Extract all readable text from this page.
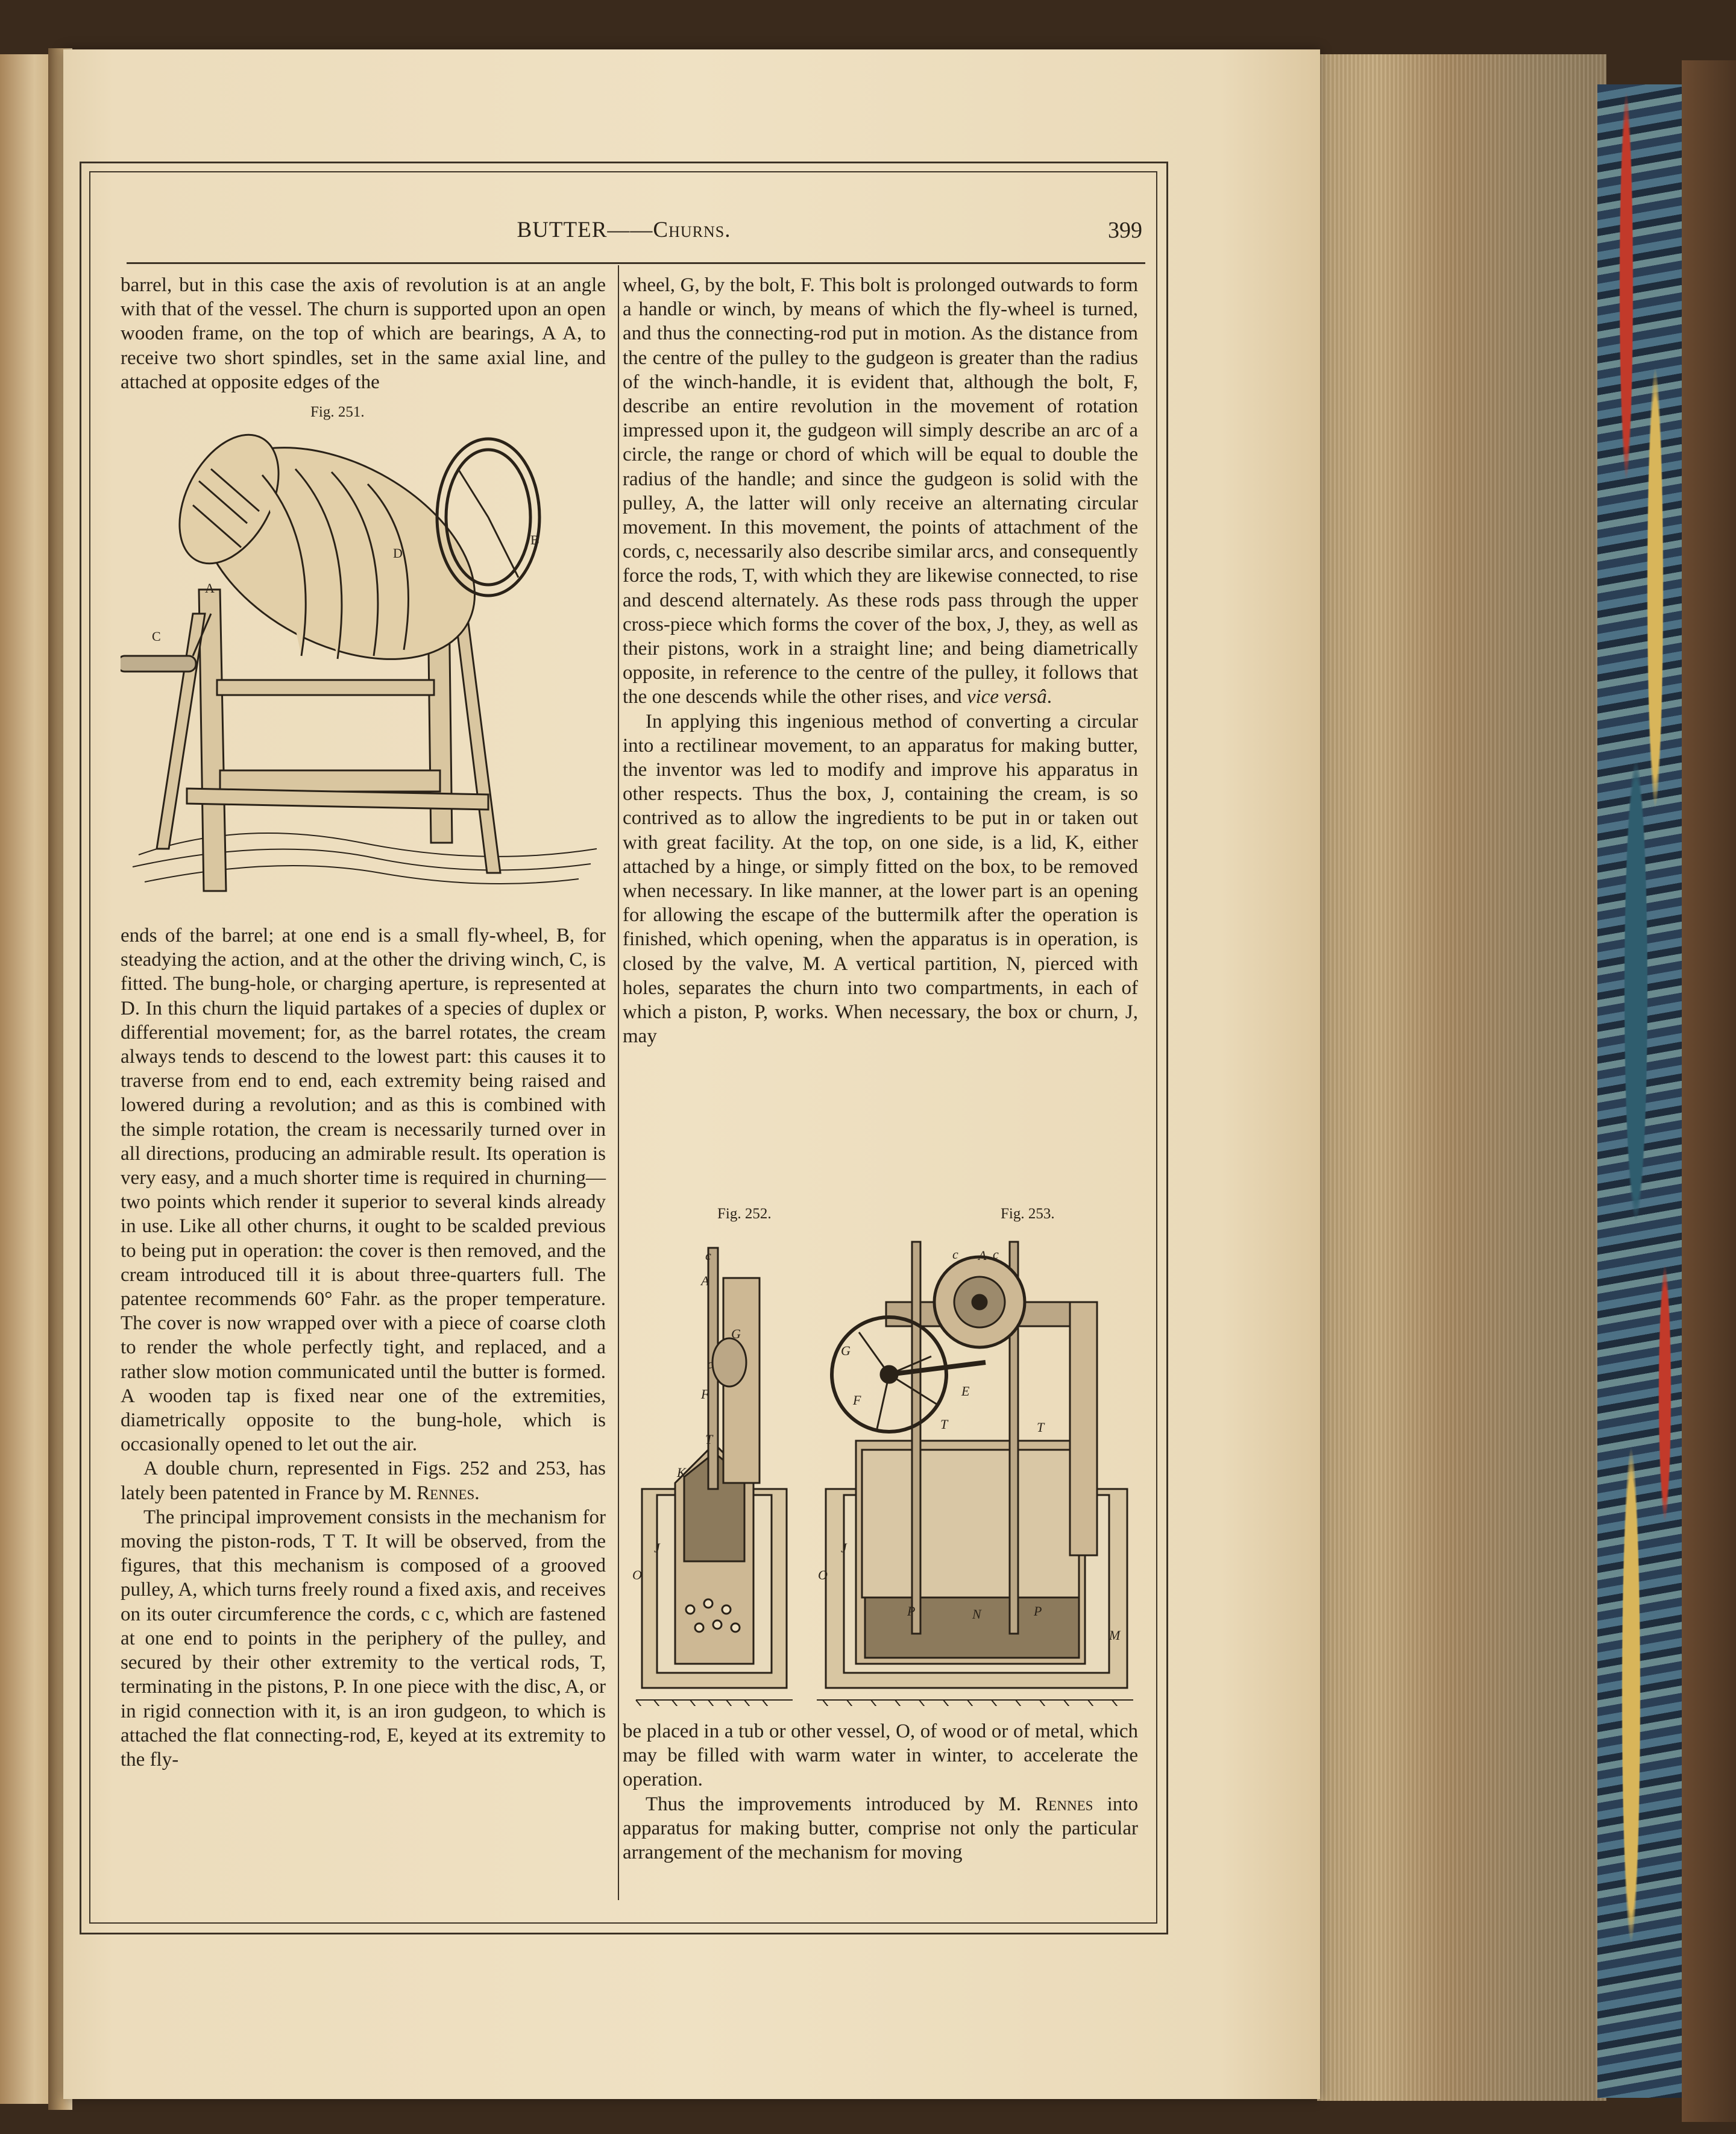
BUTTER——Churns.	399

barrel, but in this case the axis of revolution is at an angle with that of the vessel. The churn is supported upon an open wooden frame, on the top of which are bearings, A A, to receive two short spindles, set in the same axial line, and attached at opposite edges of the

Fig. 251.
A
B
C
D

ends of the barrel; at one end is a small fly-wheel, B, for steadying the action, and at the other the driving winch, C, is fitted. The bung-hole, or charging aperture, is represented at D. In this churn the liquid partakes of a species of duplex or differential movement; for, as the barrel rotates, the cream always tends to descend to the lowest part: this causes it to traverse from end to end, each extremity being raised and lowered during a revolution; and as this is combined with the simple rotation, the cream is necessarily turned over in all directions, producing an admirable result. Its operation is very easy, and a much shorter time is required in churning—two points which render it superior to several kinds already in use. Like all other churns, it ought to be scalded previous to being put in operation: the cover is then removed, and the cream introduced till it is about three-quarters full. The patentee recommends 60° Fahr. as the proper temperature. The cover is now wrapped over with a piece of coarse cloth to render the whole perfectly tight, and replaced, and a rather slow motion communicated until the butter is formed. A wooden tap is fixed near one of the extremities, diametrically opposite to the bung-hole, which is occasionally opened to let out the air.

A double churn, represented in Figs. 252 and 253, has lately been patented in France by M. Rennes.

The principal improvement consists in the mechanism for moving the piston-rods, T T. It will be observed, from the figures, that this mechanism is composed of a grooved pulley, A, which turns freely round a fixed axis, and receives on its outer circumference the cords, c c, which are fastened at one end to points in the periphery of the pulley, and secured by their other extremity to the vertical rods, T, terminating in the pistons, P. In one piece with the disc, A, or in rigid connection with it, is an iron gudgeon, to which is attached the flat connecting-rod, E, keyed at its extremity to the fly-

wheel, G, by the bolt, F. This bolt is prolonged outwards to form a handle or winch, by means of which the fly-wheel is turned, and thus the connecting-rod put in motion. As the distance from the centre of the pulley to the gudgeon is greater than the radius of the winch-handle, it is evident that, although the bolt, F, describe an entire revolution in the movement of rotation impressed upon it, the gudgeon will simply describe an arc of a circle, the range or chord of which will be equal to double the radius of the handle; and since the gudgeon is solid with the pulley, A, the latter will only receive an alternating circular movement. In this movement, the points of attachment of the cords, c, necessarily also describe similar arcs, and consequently force the rods, T, with which they are likewise connected, to rise and descend alternately. As these rods pass through the upper cross-piece which forms the cover of the box, J, they, as well as their pistons, work in a straight line; and being diametrically opposite, in reference to the centre of the pulley, it follows that the one descends while the other rises, and vice versâ.

In applying this ingenious method of converting a circular into a rectilinear movement, to an apparatus for making butter, the inventor was led to modify and improve his apparatus in other respects. Thus the box, J, containing the cream, is so contrived as to allow the ingredients to be put in or taken out with great facility. At the top, on one side, is a lid, K, either attached by a hinge, or simply fitted on the box, to be removed when necessary. In like manner, at the lower part is an opening for allowing the escape of the buttermilk after the operation is finished, which opening, when the apparatus is in operation, is closed by the valve, M. A vertical partition, N, pierced with holes, separates the churn into two compartments, in each of which a piston, P, works. When necessary, the box or churn, J, may

Fig. 252.	Fig. 253.
c
A
G
c
F
T
K
J
O
c A c
G
F
E
T	T
J
O
P	N	P
M

be placed in a tub or other vessel, O, of wood or of metal, which may be filled with warm water in winter, to accelerate the operation.

Thus the improvements introduced by M. Rennes into apparatus for making butter, comprise not only the particular arrangement of the mechanism for moving
